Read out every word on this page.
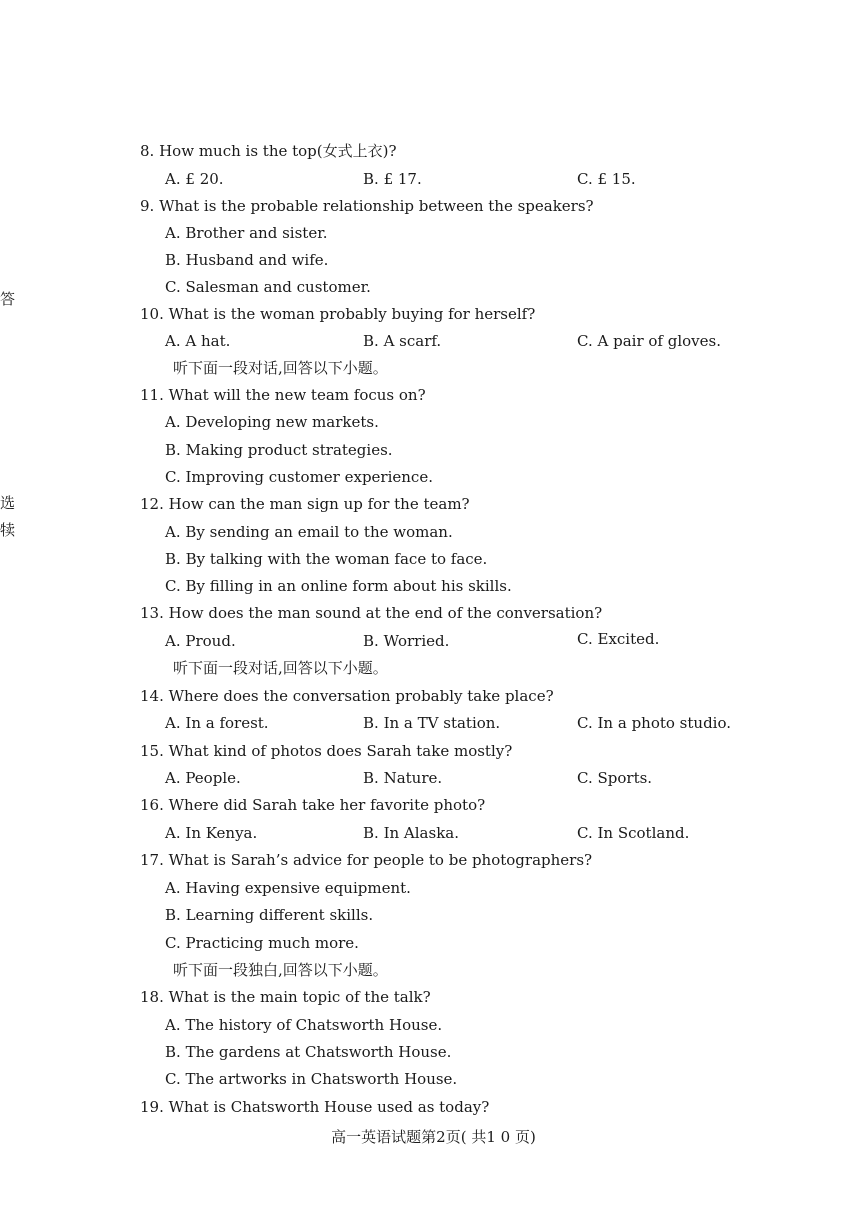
答
选
犊
8. How much is the top(女式上衣)?
A. £ 20.	B. £ 17.	C. £ 15.
9. What is the probable relationship between the speakers?
A. Brother and sister.
B. Husband and wife.
C. Salesman and customer.
10. What is the woman probably buying for herself?
A. A hat.	B. A scarf.	C. A pair of gloves.
听下面一段对话,回答以下小题。
11. What will the new team focus on?
A. Developing new markets.
B. Making product strategies.
C. Improving customer experience.
12. How can the man sign up for the team?
A. By sending an email to the woman.
B. By talking with the woman face to face.
C. By filling in an online form about his skills.
13. How does the man sound at the end of the conversation?
A. Proud.	B. Worried.	C. Excited.
听下面一段对话,回答以下小题。
14. Where does the conversation probably take place?
A. In a forest.	B. In a TV station.	C. In a photo studio.
15. What kind of photos does Sarah take mostly?
A. People.	B. Nature.	C. Sports.
16. Where did Sarah take her favorite photo?
A. In Kenya.	B. In Alaska.	C. In Scotland.
17. What is Sarah’s advice for people to be photographers?
A. Having expensive equipment.
B. Learning different skills.
C. Practicing much more.
听下面一段独白,回答以下小题。
18. What is the main topic of the talk?
A. The history of Chatsworth House.
B. The gardens at Chatsworth House.
C. The artworks in Chatsworth House.
19. What is Chatsworth House used as today?
高一英语试题第2页( 共1 0 页)
